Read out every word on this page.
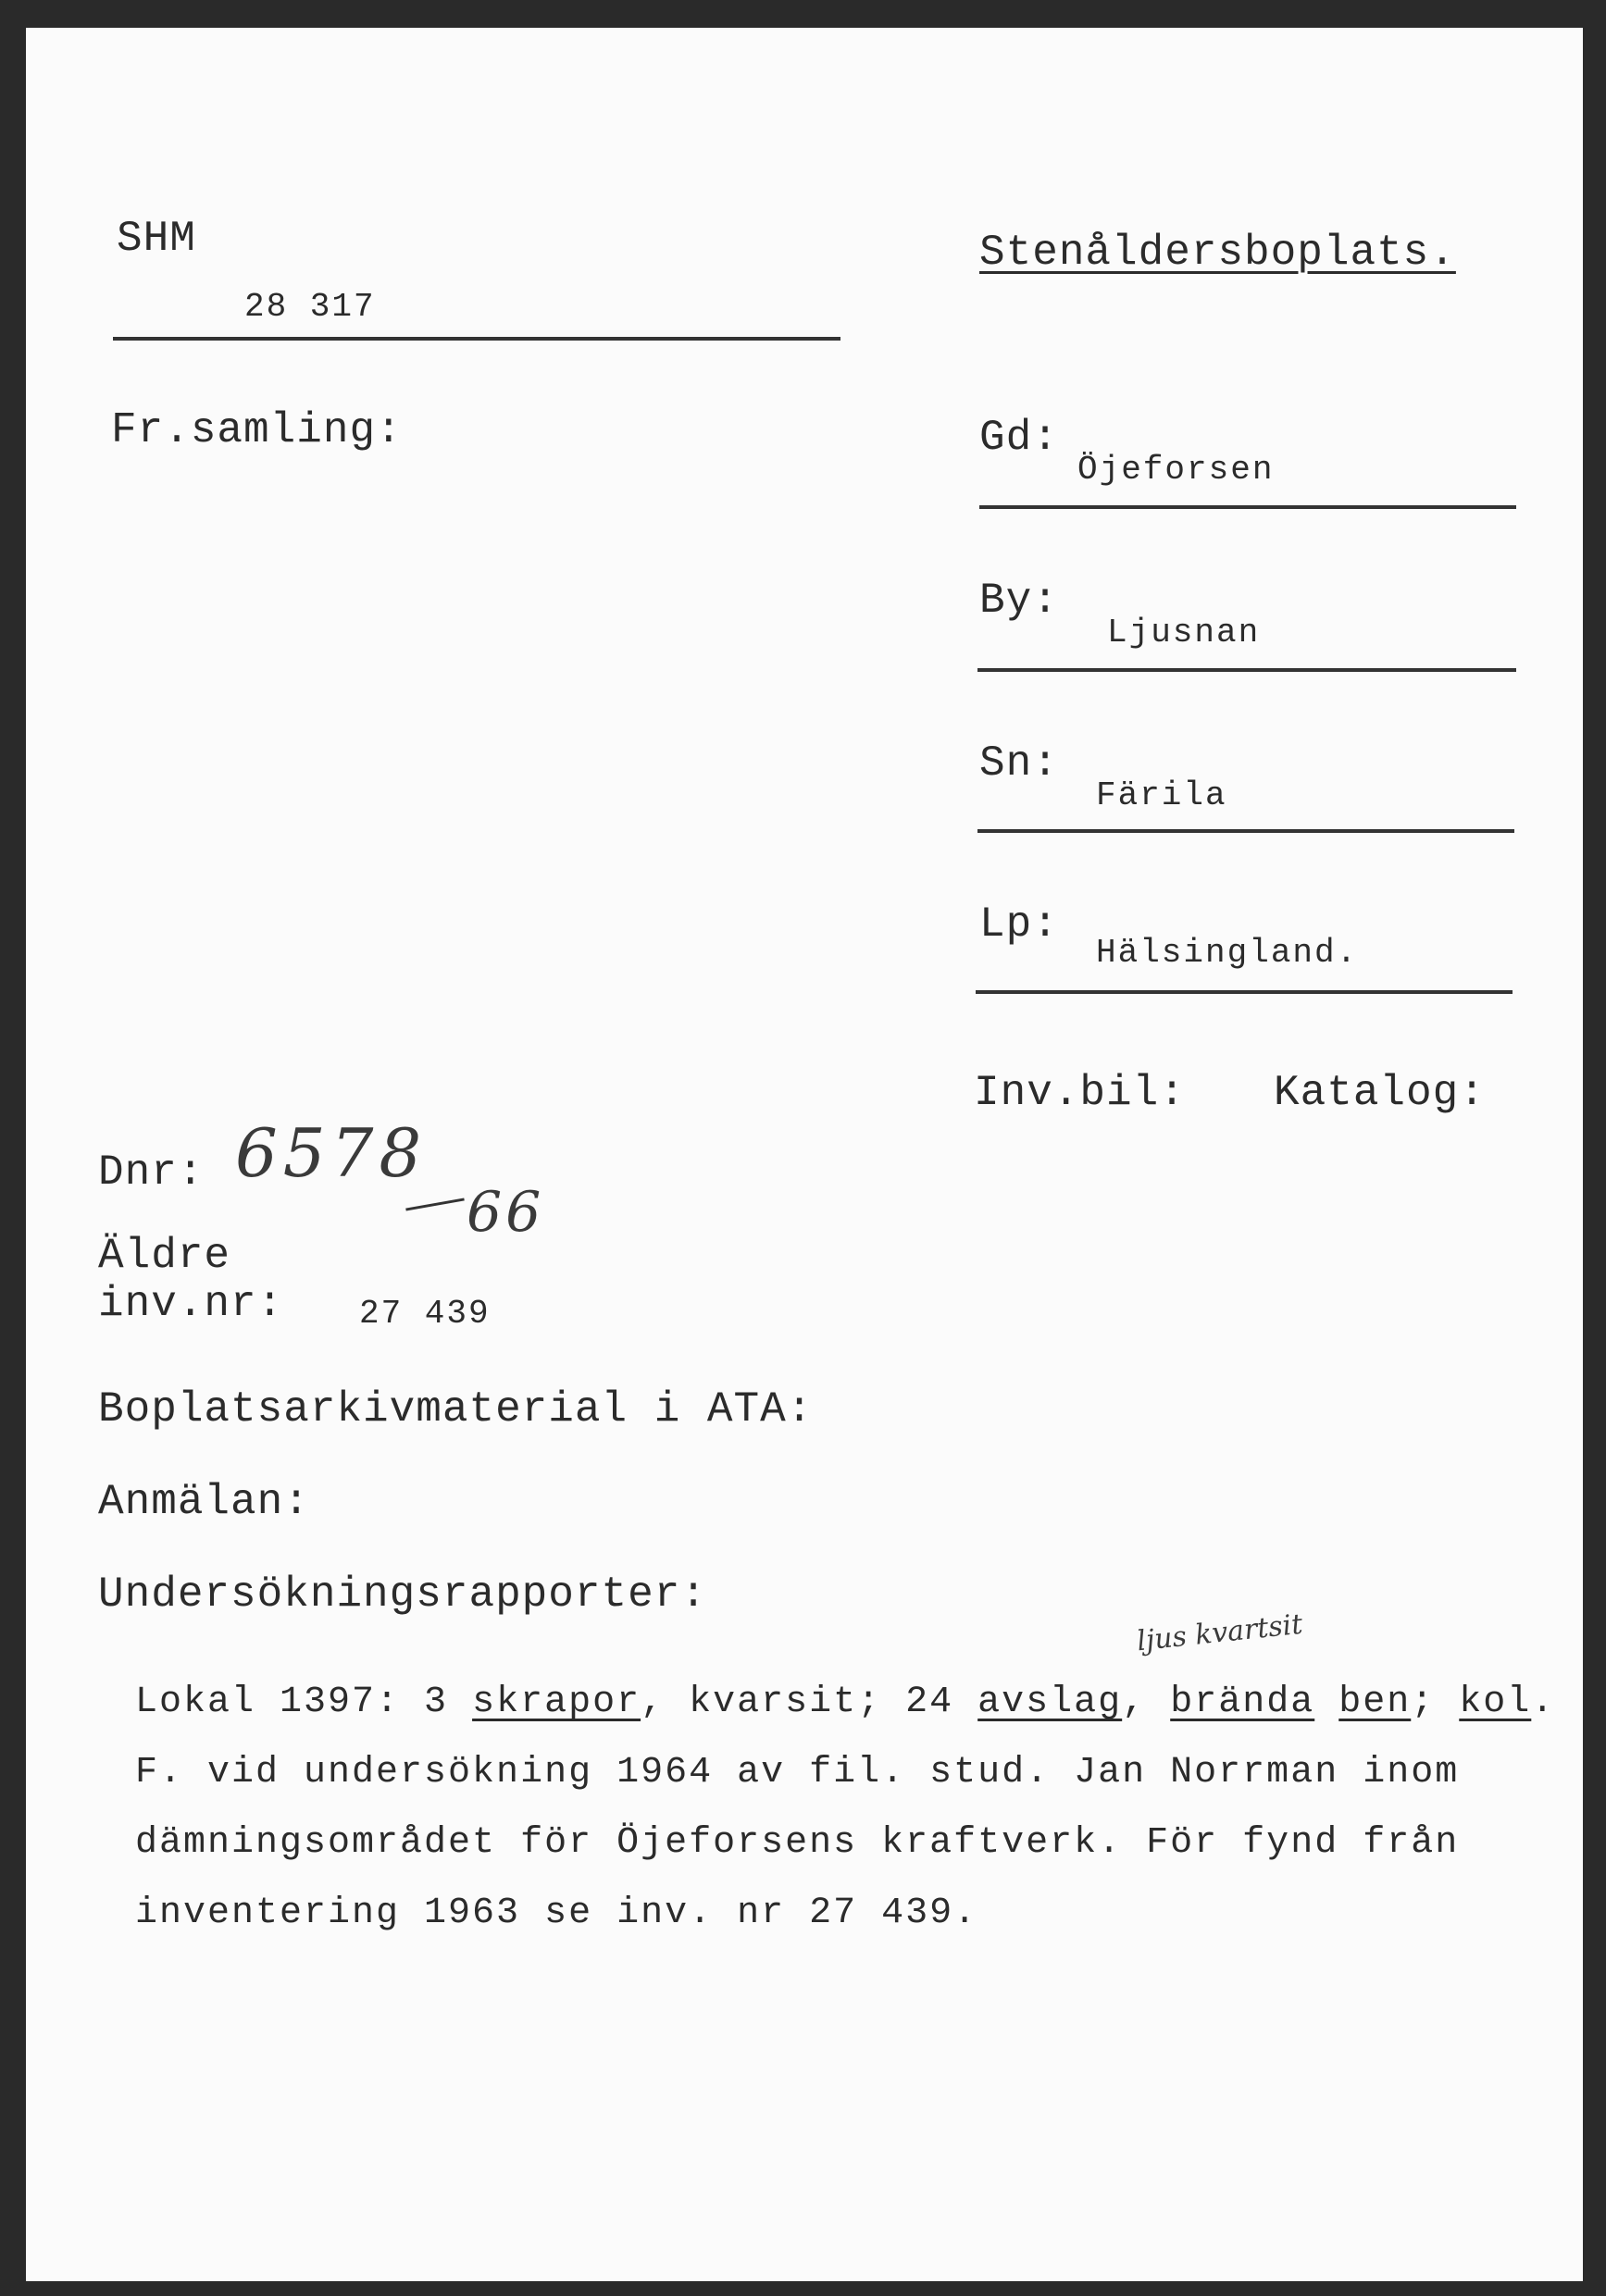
SHM
28 317
Stenåldersboplats.
Fr.samling:	Gd:
Öjeforsen
By:
Ljusnan
Sn:
Färila
Lp:
Hälsingland.
Inv.bil: Katalog:
Dnr: 6578
66
Äldre
inv.nr: 27 439
Boplatsarkivmaterial i ATA:
Anmälan:
Undersökningsrapporter:
ljus kvartsit
Lokal 1397: 3 skrapor, kvarsit; 24 avslag, brända ben; kol.
F. vid undersökning 1964 av fil. stud. Jan Norrman inom
dämningsområdet för Öjeforsens kraftverk. För fynd från
inventering 1963 se inv. nr 27 439.
